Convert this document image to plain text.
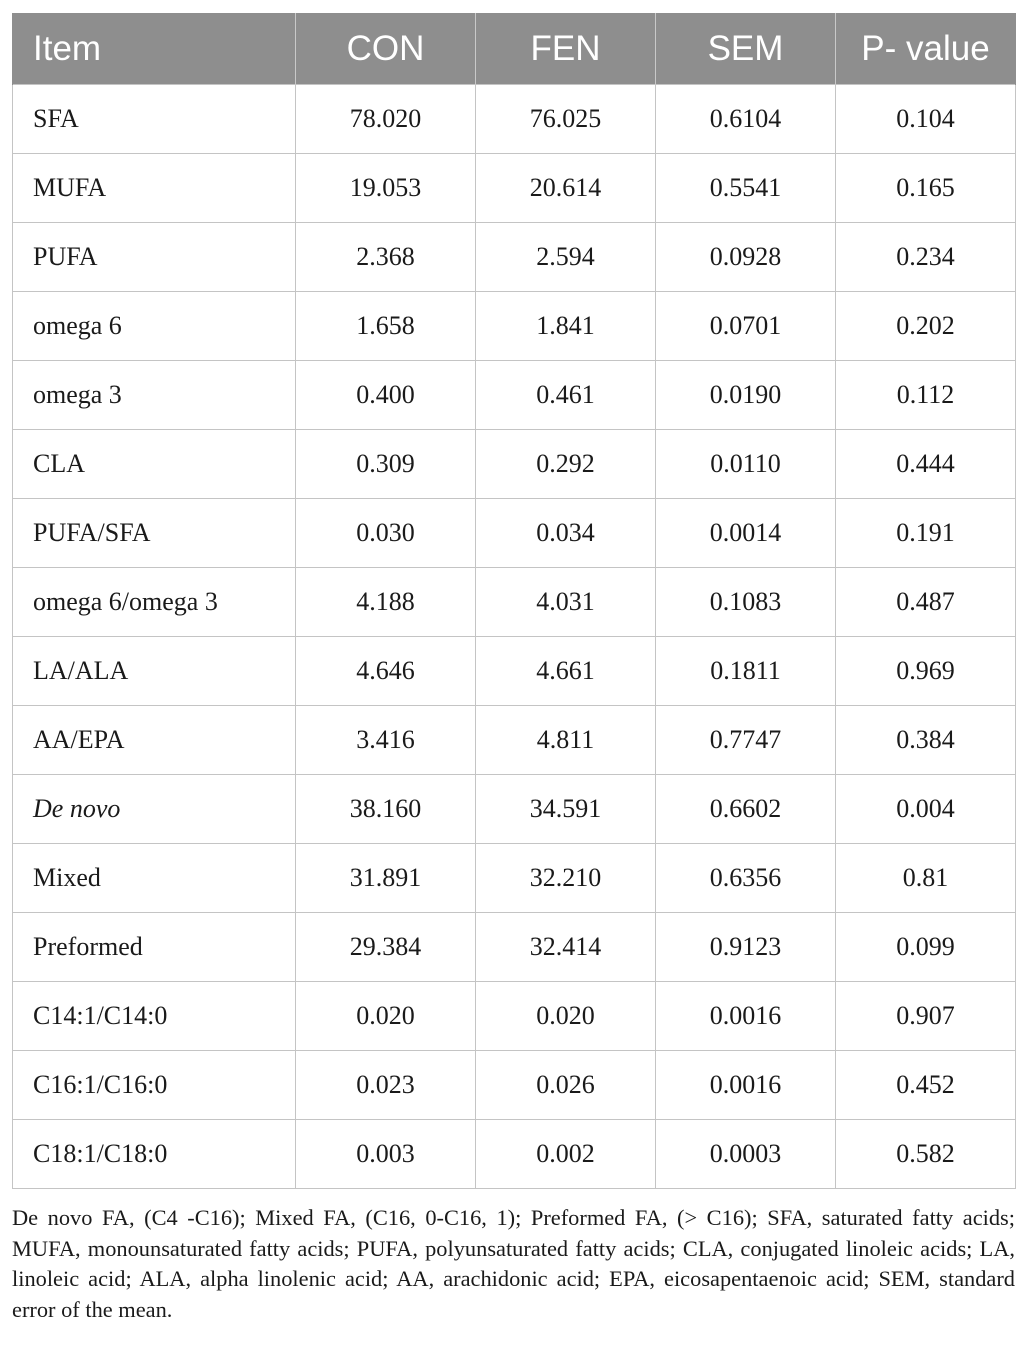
Item	CON	FEN	SEM	P- value
SFA	78.020	76.025	0.6104	0.104
MUFA	19.053	20.614	0.5541	0.165
PUFA	2.368	2.594	0.0928	0.234
omega 6	1.658	1.841	0.0701	0.202
omega 3	0.400	0.461	0.0190	0.112
CLA	0.309	0.292	0.0110	0.444
PUFA/SFA	0.030	0.034	0.0014	0.191
omega 6/omega 3	4.188	4.031	0.1083	0.487
LA/ALA	4.646	4.661	0.1811	0.969
AA/EPA	3.416	4.811	0.7747	0.384
De novo	38.160	34.591	0.6602	0.004
Mixed	31.891	32.210	0.6356	0.81
Preformed	29.384	32.414	0.9123	0.099
C14:1/C14:0	0.020	0.020	0.0016	0.907
C16:1/C16:0	0.023	0.026	0.0016	0.452
C18:1/C18:0	0.003	0.002	0.0003	0.582

De novo FA, (C4 -C16); Mixed FA, (C16, 0-C16, 1); Preformed FA, (> C16); SFA, saturated fatty acids; MUFA, monounsaturated fatty acids; PUFA, polyunsaturated fatty acids; CLA, conjugated linoleic acids; LA, linoleic acid; ALA, alpha linolenic acid; AA, arachidonic acid; EPA, eicosapentaenoic acid; SEM, standard error of the mean.
